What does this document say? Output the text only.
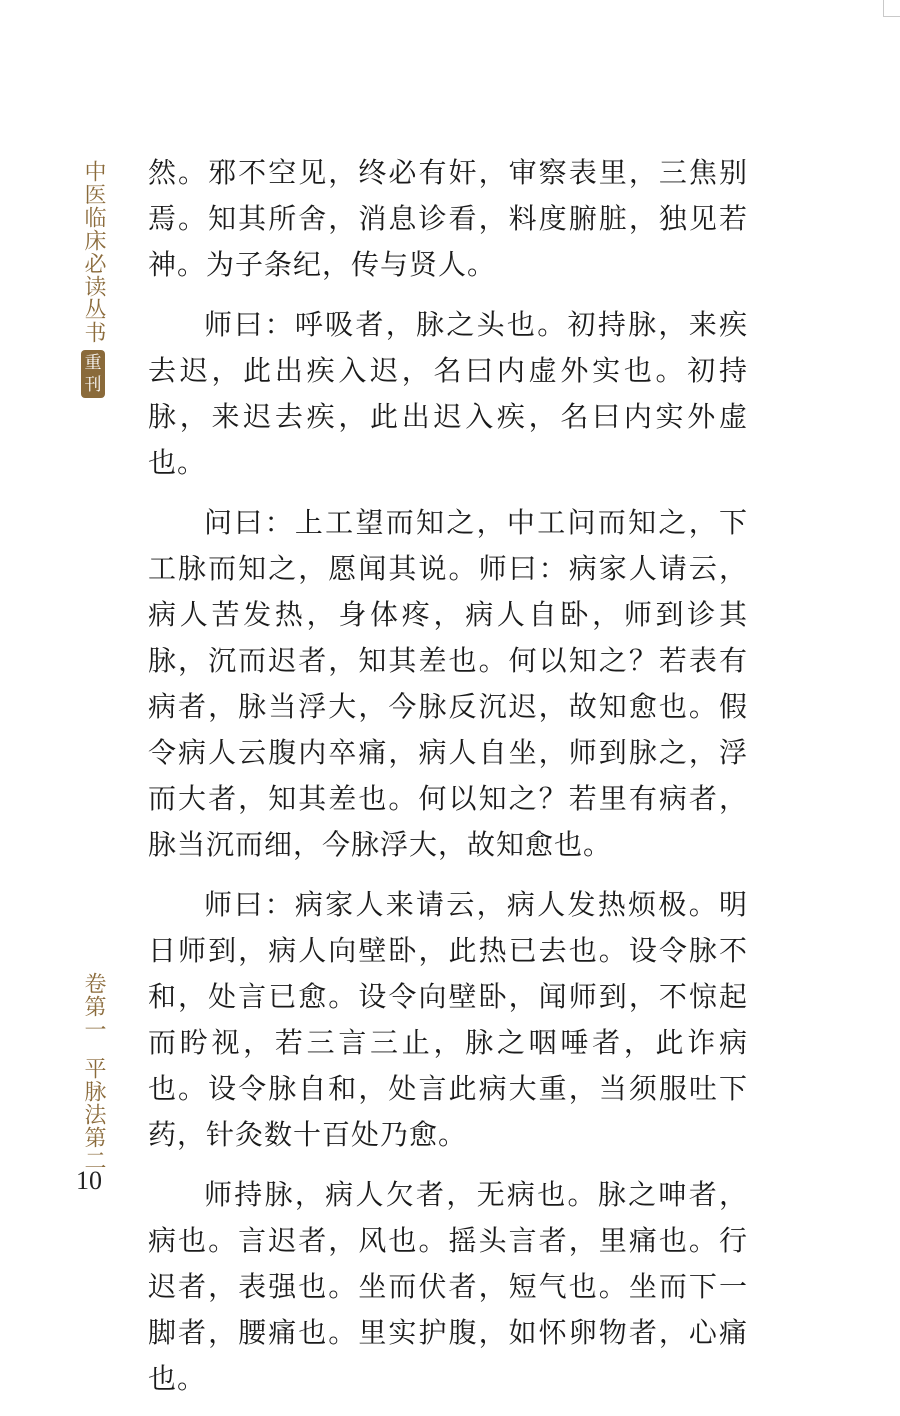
中医临床必读丛书
重
刊
卷第一平脉法第二
10

然。邪不空见，终必有奸，审察表里，三焦别焉。知其所舍，消息诊看，料度腑脏，独见若神。为子条纪，传与贤人。

师曰：呼吸者，脉之头也。初持脉，来疾去迟，此出疾入迟，名曰内虚外实也。初持脉，来迟去疾，此出迟入疾，名曰内实外虚也。

问曰：上工望而知之，中工问而知之，下工脉而知之，愿闻其说。师曰：病家人请云，病人苦发热，身体疼，病人自卧，师到诊其脉，沉而迟者，知其差也。何以知之？若表有病者，脉当浮大，今脉反沉迟，故知愈也。假令病人云腹内卒痛，病人自坐，师到脉之，浮而大者，知其差也。何以知之？若里有病者，脉当沉而细，今脉浮大，故知愈也。

师曰：病家人来请云，病人发热烦极。明日师到，病人向壁卧，此热已去也。设令脉不和，处言已愈。设令向壁卧，闻师到，不惊起而盻视，若三言三止，脉之咽唾者，此诈病也。设令脉自和，处言此病大重，当须服吐下药，针灸数十百处乃愈。

师持脉，病人欠者，无病也。脉之呻者，病也。言迟者，风也。摇头言者，里痛也。行迟者，表强也。坐而伏者，短气也。坐而下一脚者，腰痛也。里实护腹，如怀卵物者，心痛也。
